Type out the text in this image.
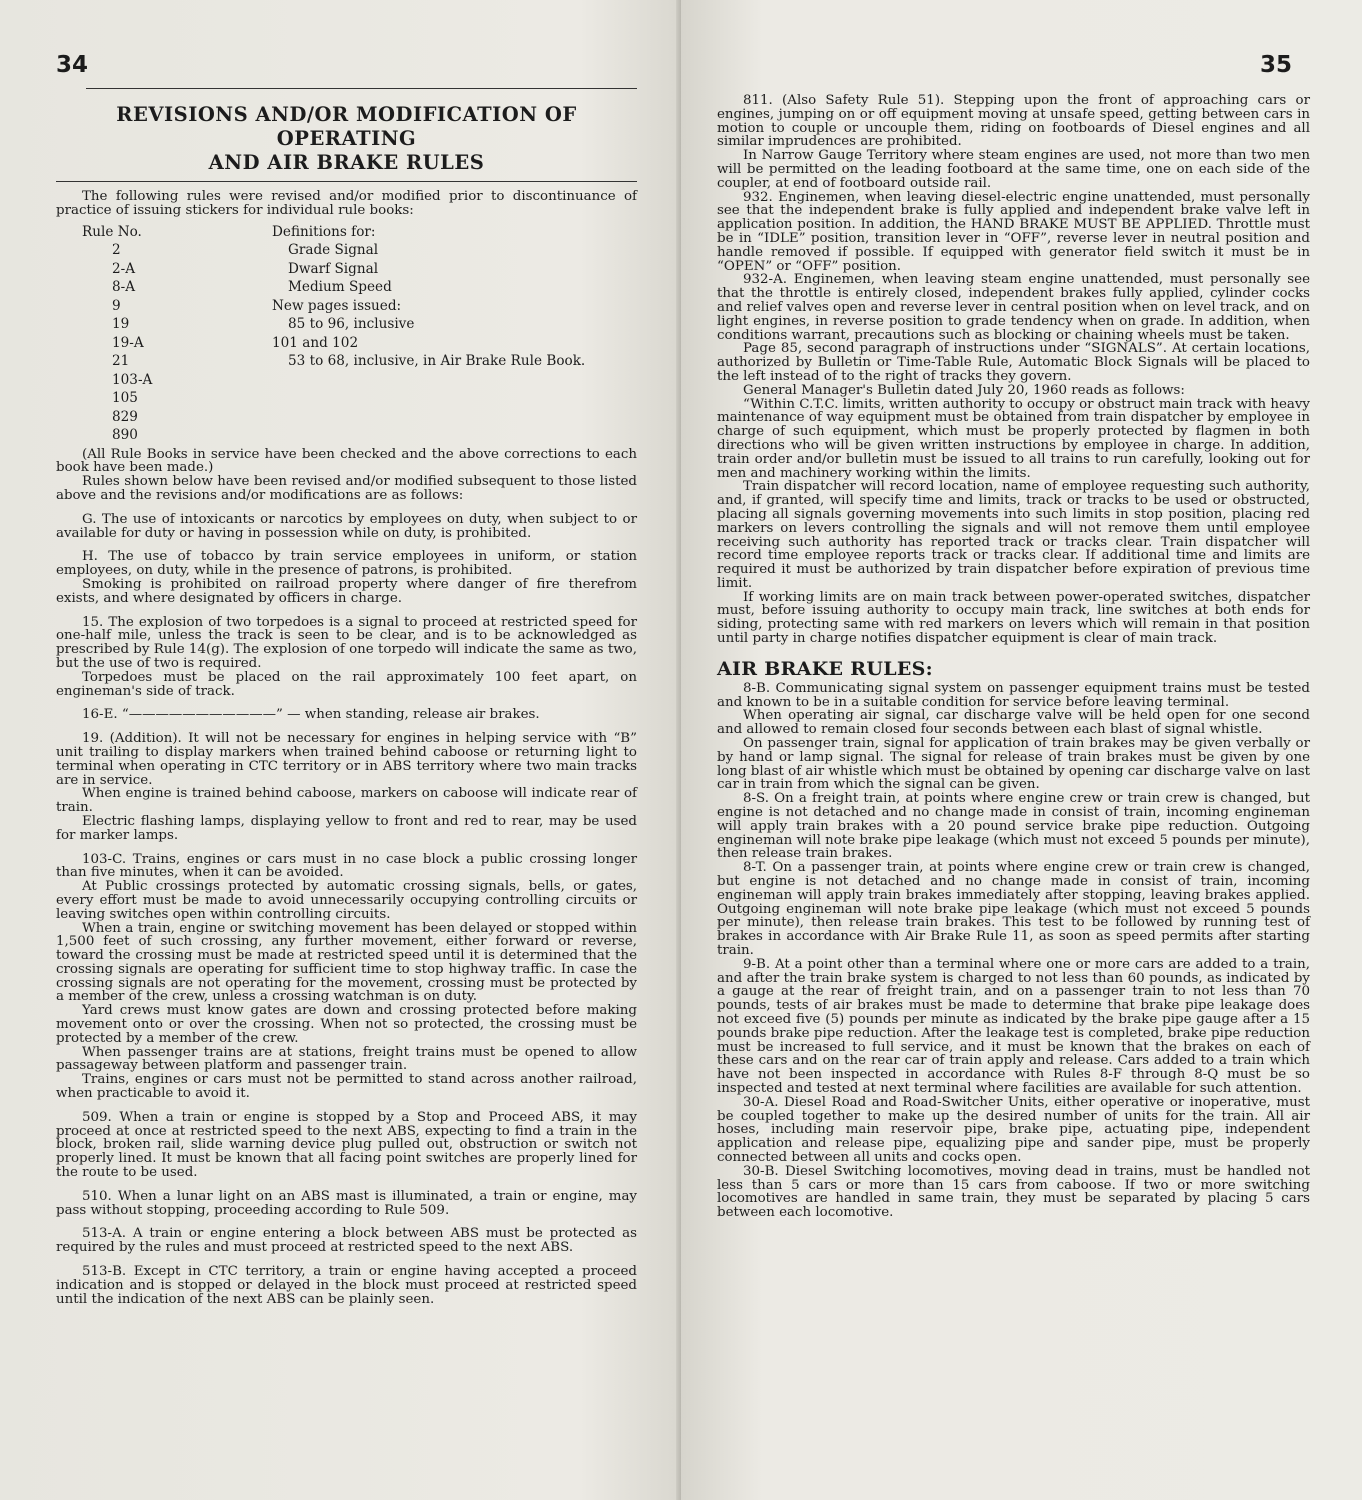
34
REVISIONS AND/OR MODIFICATION OF OPERATING
AND AIR BRAKE RULES

The following rules were revised and/or modified prior to discontinuance of practice of issuing stickers for individual rule books:

Rule No.	Definitions for:
2	Grade Signal
2-A	Dwarf Signal
8-A	Medium Speed
9	New pages issued:
19	85 to 96, inclusive
19-A	101 and 102
21	53 to 68, inclusive, in Air Brake Rule Book.
103-A	
105	
829	
890	

(All Rule Books in service have been checked and the above corrections to each book have been made.)

Rules shown below have been revised and/or modified subsequent to those listed above and the revisions and/or modifications are as follows:

G. The use of intoxicants or narcotics by employees on duty, when subject to or available for duty or having in possession while on duty, is prohibited.

H. The use of tobacco by train service employees in uniform, or station employees, on duty, while in the presence of patrons, is prohibited.

Smoking is prohibited on railroad property where danger of fire therefrom exists, and where designated by officers in charge.

15. The explosion of two torpedoes is a signal to proceed at restricted speed for one-half mile, unless the track is seen to be clear, and is to be acknowledged as prescribed by Rule 14(g). The explosion of one torpedo will indicate the same as two, but the use of two is required.

Torpedoes must be placed on the rail approximately 100 feet apart, on engineman's side of track.

16-E. “———————————” — when standing, release air brakes.

19. (Addition). It will not be necessary for engines in helping service with “B” unit trailing to display markers when trained behind caboose or returning light to terminal when operating in CTC territory or in ABS territory where two main tracks are in service.

When engine is trained behind caboose, markers on caboose will indicate rear of train.

Electric flashing lamps, displaying yellow to front and red to rear, may be used for marker lamps.

103-C. Trains, engines or cars must in no case block a public crossing longer than five minutes, when it can be avoided.

At Public crossings protected by automatic crossing signals, bells, or gates, every effort must be made to avoid unnecessarily occupying controlling circuits or leaving switches open within controlling circuits.

When a train, engine or switching movement has been delayed or stopped within 1,500 feet of such crossing, any further movement, either forward or reverse, toward the crossing must be made at restricted speed until it is determined that the crossing signals are operating for sufficient time to stop highway traffic. In case the crossing signals are not operating for the movement, crossing must be protected by a member of the crew, unless a crossing watchman is on duty.

Yard crews must know gates are down and crossing protected before making movement onto or over the crossing. When not so protected, the crossing must be protected by a member of the crew.

When passenger trains are at stations, freight trains must be opened to allow passageway between platform and passenger train.

Trains, engines or cars must not be permitted to stand across another railroad, when practicable to avoid it.

509. When a train or engine is stopped by a Stop and Proceed ABS, it may proceed at once at restricted speed to the next ABS, expecting to find a train in the block, broken rail, slide warning device plug pulled out, obstruction or switch not properly lined. It must be known that all facing point switches are properly lined for the route to be used.

510. When a lunar light on an ABS mast is illuminated, a train or engine, may pass without stopping, proceeding according to Rule 509.

513-A. A train or engine entering a block between ABS must be protected as required by the rules and must proceed at restricted speed to the next ABS.

513-B. Except in CTC territory, a train or engine having accepted a proceed indication and is stopped or delayed in the block must proceed at restricted speed until the indication of the next ABS can be plainly seen.

35

811. (Also Safety Rule 51). Stepping upon the front of approaching cars or engines, jumping on or off equipment moving at unsafe speed, getting between cars in motion to couple or uncouple them, riding on footboards of Diesel engines and all similar imprudences are prohibited.

In Narrow Gauge Territory where steam engines are used, not more than two men will be permitted on the leading footboard at the same time, one on each side of the coupler, at end of footboard outside rail.

932. Enginemen, when leaving diesel-electric engine unattended, must personally see that the independent brake is fully applied and independent brake valve left in application position. In addition, the HAND BRAKE MUST BE APPLIED. Throttle must be in “IDLE” position, transition lever in “OFF”, reverse lever in neutral position and handle removed if possible. If equipped with generator field switch it must be in “OPEN” or “OFF” position.

932-A. Enginemen, when leaving steam engine unattended, must personally see that the throttle is entirely closed, independent brakes fully applied, cylinder cocks and relief valves open and reverse lever in central position when on level track, and on light engines, in reverse position to grade tendency when on grade. In addition, when conditions warrant, precautions such as blocking or chaining wheels must be taken.

Page 85, second paragraph of instructions under “SIGNALS”. At certain locations, authorized by Bulletin or Time-Table Rule, Automatic Block Signals will be placed to the left instead of to the right of tracks they govern.

General Manager's Bulletin dated July 20, 1960 reads as follows:

“Within C.T.C. limits, written authority to occupy or obstruct main track with heavy maintenance of way equipment must be obtained from train dispatcher by employee in charge of such equipment, which must be properly protected by flagmen in both directions who will be given written instructions by employee in charge. In addition, train order and/or bulletin must be issued to all trains to run carefully, looking out for men and machinery working within the limits.

Train dispatcher will record location, name of employee requesting such authority, and, if granted, will specify time and limits, track or tracks to be used or obstructed, placing all signals governing movements into such limits in stop position, placing red markers on levers controlling the signals and will not remove them until employee receiving such authority has reported track or tracks clear. Train dispatcher will record time employee reports track or tracks clear. If additional time and limits are required it must be authorized by train dispatcher before expiration of previous time limit.

If working limits are on main track between power-operated switches, dispatcher must, before issuing authority to occupy main track, line switches at both ends for siding, protecting same with red markers on levers which will remain in that position until party in charge notifies dispatcher equipment is clear of main track.

AIR BRAKE RULES:

8-B. Communicating signal system on passenger equipment trains must be tested and known to be in a suitable condition for service before leaving terminal.

When operating air signal, car discharge valve will be held open for one second and allowed to remain closed four seconds between each blast of signal whistle.

On passenger train, signal for application of train brakes may be given verbally or by hand or lamp signal. The signal for release of train brakes must be given by one long blast of air whistle which must be obtained by opening car discharge valve on last car in train from which the signal can be given.

8-S. On a freight train, at points where engine crew or train crew is changed, but engine is not detached and no change made in consist of train, incoming engineman will apply train brakes with a 20 pound service brake pipe reduction. Outgoing engineman will note brake pipe leakage (which must not exceed 5 pounds per minute), then release train brakes.

8-T. On a passenger train, at points where engine crew or train crew is changed, but engine is not detached and no change made in consist of train, incoming engineman will apply train brakes immediately after stopping, leaving brakes applied. Outgoing engineman will note brake pipe leakage (which must not exceed 5 pounds per minute), then release train brakes. This test to be followed by running test of brakes in accordance with Air Brake Rule 11, as soon as speed permits after starting train.

9-B. At a point other than a terminal where one or more cars are added to a train, and after the train brake system is charged to not less than 60 pounds, as indicated by a gauge at the rear of freight train, and on a passenger train to not less than 70 pounds, tests of air brakes must be made to determine that brake pipe leakage does not exceed five (5) pounds per minute as indicated by the brake pipe gauge after a 15 pounds brake pipe reduction. After the leakage test is completed, brake pipe reduction must be increased to full service, and it must be known that the brakes on each of these cars and on the rear car of train apply and release. Cars added to a train which have not been inspected in accordance with Rules 8-F through 8-Q must be so inspected and tested at next terminal where facilities are available for such attention.

30-A. Diesel Road and Road-Switcher Units, either operative or inoperative, must be coupled together to make up the desired number of units for the train. All air hoses, including main reservoir pipe, brake pipe, actuating pipe, independent application and release pipe, equalizing pipe and sander pipe, must be properly connected between all units and cocks open.

30-B. Diesel Switching locomotives, moving dead in trains, must be handled not less than 5 cars or more than 15 cars from caboose. If two or more switching locomotives are handled in same train, they must be separated by placing 5 cars between each locomotive.
